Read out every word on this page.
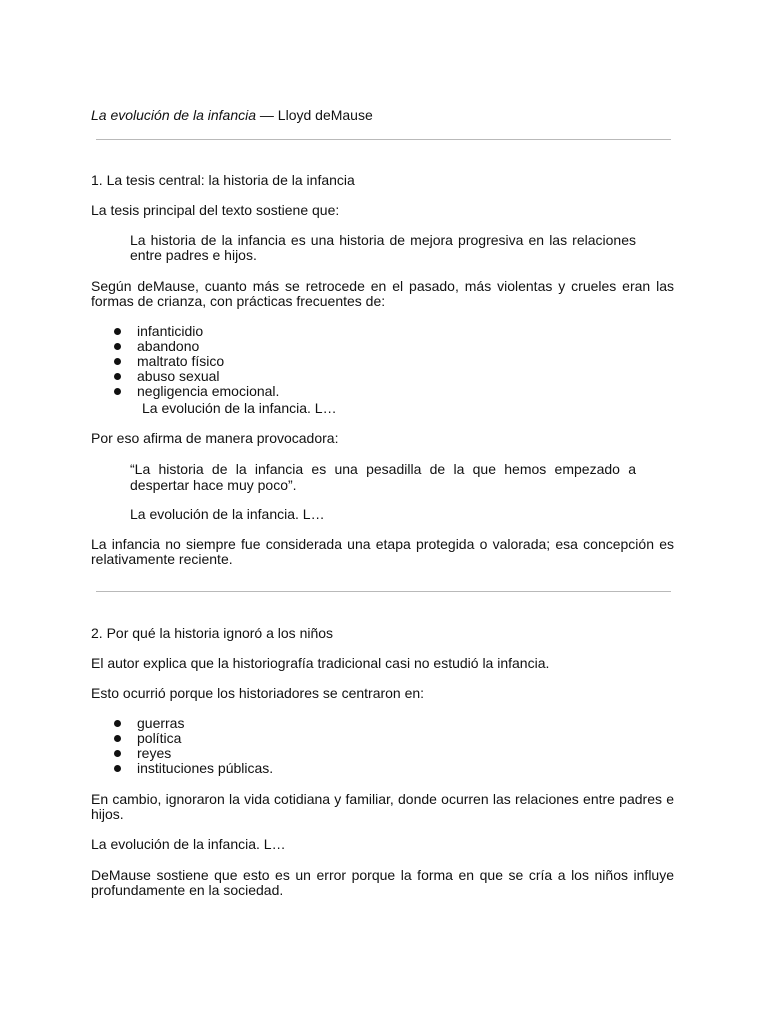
La evolución de la infancia — Lloyd deMause
1. La tesis central: la historia de la infancia
La tesis principal del texto sostiene que:
La historia de la infancia es una historia de mejora progresiva en las relaciones entre padres e hijos.
Según deMause, cuanto más se retrocede en el pasado, más violentas y crueles eran las formas de crianza, con prácticas frecuentes de:
infanticidio
abandono
maltrato físico
abuso sexual
negligencia emocional.
La evolución de la infancia. L…
Por eso afirma de manera provocadora:
“La historia de la infancia es una pesadilla de la que hemos empezado a despertar hace muy poco”.
La evolución de la infancia. L…
La infancia no siempre fue considerada una etapa protegida o valorada; esa concepción es relativamente reciente.
2. Por qué la historia ignoró a los niños
El autor explica que la historiografía tradicional casi no estudió la infancia.
Esto ocurrió porque los historiadores se centraron en:
guerras
política
reyes
instituciones públicas.
En cambio, ignoraron la vida cotidiana y familiar, donde ocurren las relaciones entre padres e hijos.
La evolución de la infancia. L…
DeMause sostiene que esto es un error porque la forma en que se cría a los niños influye profundamente en la sociedad.
